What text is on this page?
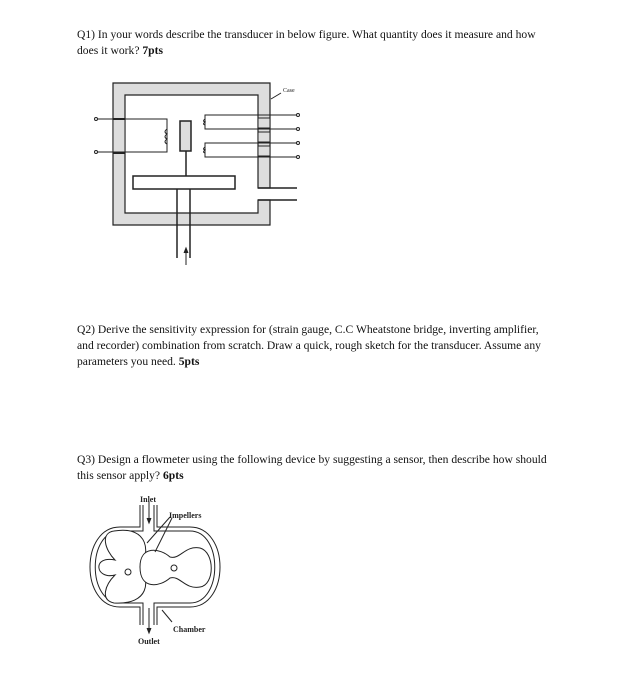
Q1) In your words describe the transducer in below figure. What quantity does it measure and how does it work? 7pts
Q2) Derive the sensitivity expression for (strain gauge, C.C Wheatstone bridge, inverting amplifier, and recorder) combination from scratch. Draw a quick, rough sketch for the transducer. Assume any parameters you need. 5pts
Q3) Design a flowmeter using the following device by suggesting a sensor, then describe how should this sensor apply? 6pts
Case
Inlet
Impellers
Chamber
Outlet
